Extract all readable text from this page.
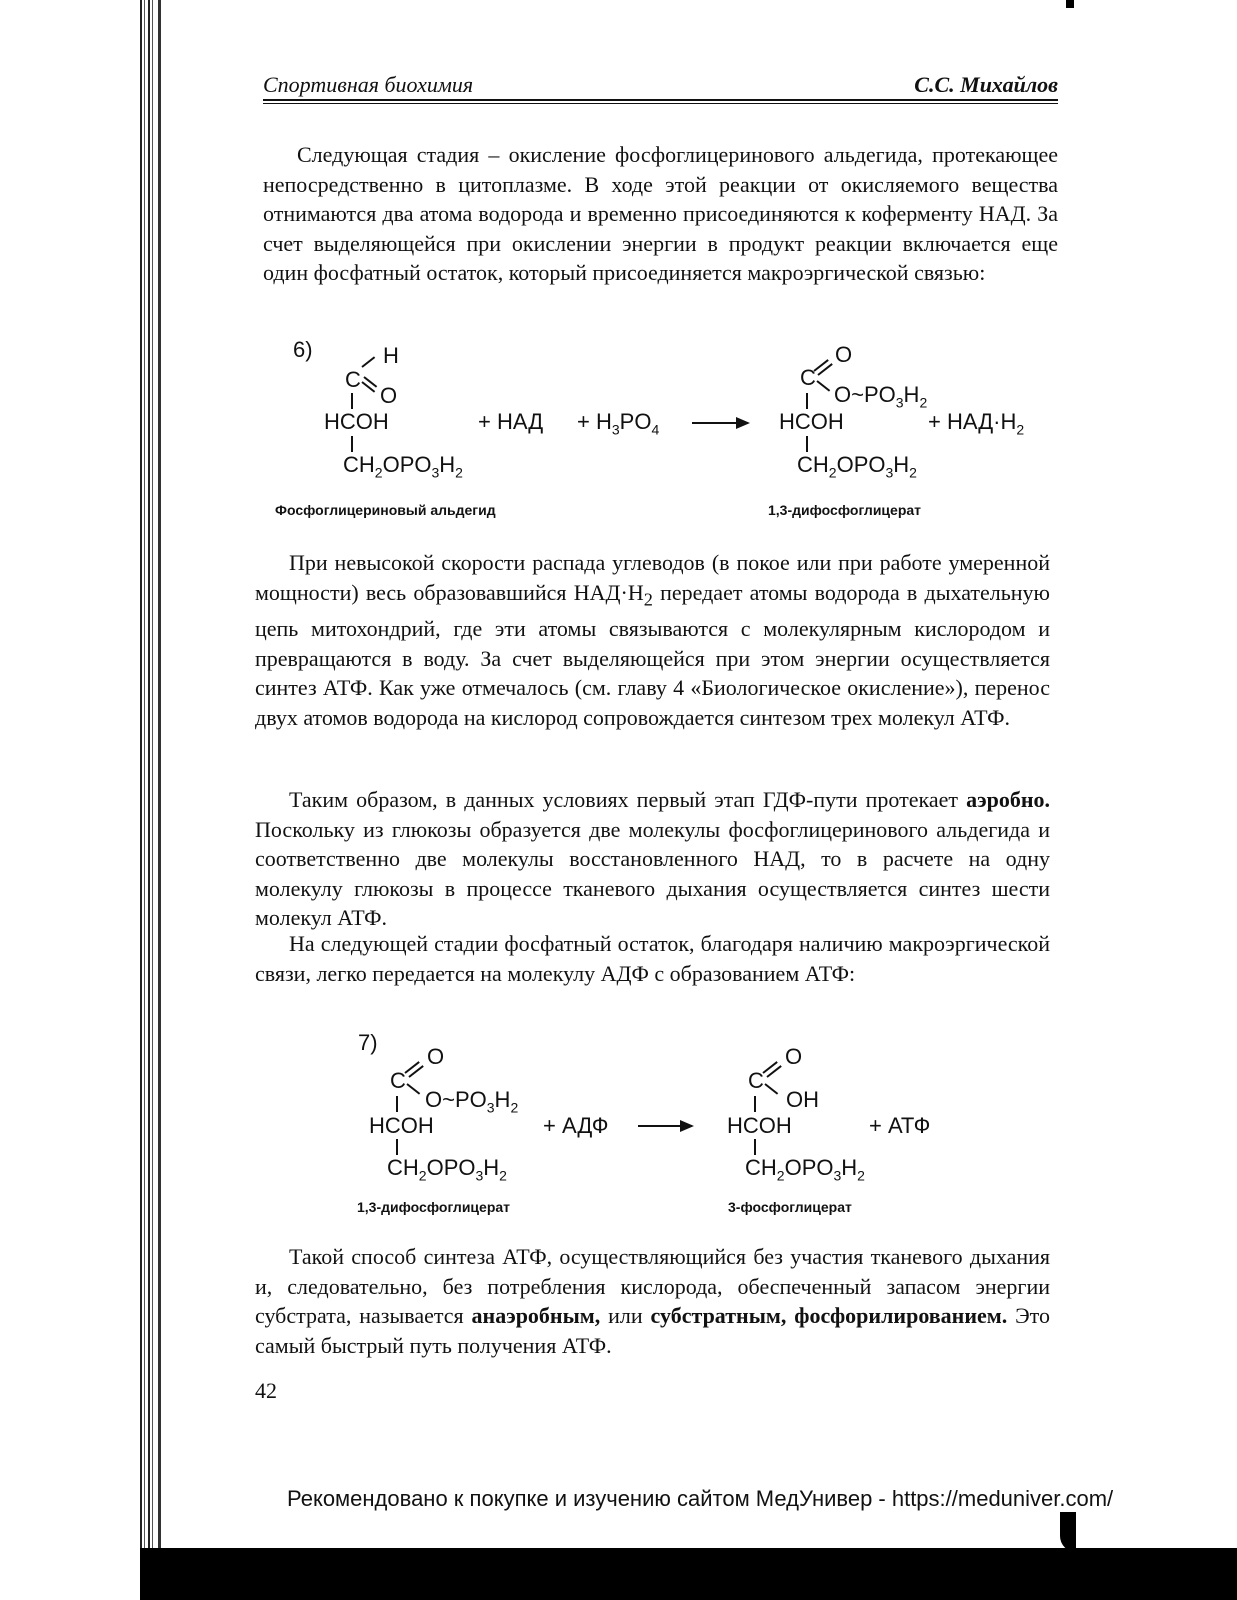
Спортивная биохимия	С.С. Михайлов

Следующая стадия – окисление фосфоглицеринового альдегида, протекающее непосредственно в цитоплазме. В ходе этой реакции от окисляемого вещества отнимаются два атома водорода и временно присоединяются к коферменту НАД. За счет выделяющейся при окислении энергии в продукт реакции включается еще один фосфатный остаток, который присоединяется макроэргической связью:

6)	H
C
O
HCOH
$CH_2OPO_3H_2$
+ НАД + $H_3PO_4$
O
C
$O\sim PO_3H_2$
HCOH
$CH_2OPO_3H_2$
+ $НАД\cdot H_2$
Фосфоглицериновый альдегид	1,3-дифосфоглицерат

При невысокой скорости распада углеводов (в покое или при работе умеренной мощности) весь образовавшийся $НАД\cdot Н_2$ передает атомы водорода в дыхательную цепь митохондрий, где эти атомы связываются с молекулярным кислородом и превращаются в воду. За счет выделяющейся при этом энергии осуществляется синтез АТФ. Как уже отмечалось (см. главу 4 «Биологическое окисление»), перенос двух атомов водорода на кислород сопровождается синтезом трех молекул АТФ.

Таким образом, в данных условиях первый этап ГДФ-пути протекает аэробно. Поскольку из глюкозы образуется две молекулы фосфоглицеринового альдегида и соответственно две молекулы восстановленного НАД, то в расчете на одну молекулу глюкозы в процессе тканевого дыхания осуществляется синтез шести молекул АТФ.

На следующей стадии фосфатный остаток, благодаря наличию макроэргической связи, легко передается на молекулу АДФ с образованием АТФ:

7)
O
C
$O\sim PO_3H_2$
HCOH
$CH_2OPO_3H_2$
+ АДФ
O
C
OH
HCOH
$CH_2OPO_3H_2$
+ АТФ
1,3-дифосфоглицерат	3-фосфоглицерат

Такой способ синтеза АТФ, осуществляющийся без участия тканевого дыхания и, следовательно, без потребления кислорода, обеспеченный запасом энергии субстрата, называется анаэробным, или субстратным, фосфорилированием. Это самый быстрый путь получения АТФ.

42
Рекомендовано к покупке и изучению сайтом МедУнивер - https://meduniver.com/
